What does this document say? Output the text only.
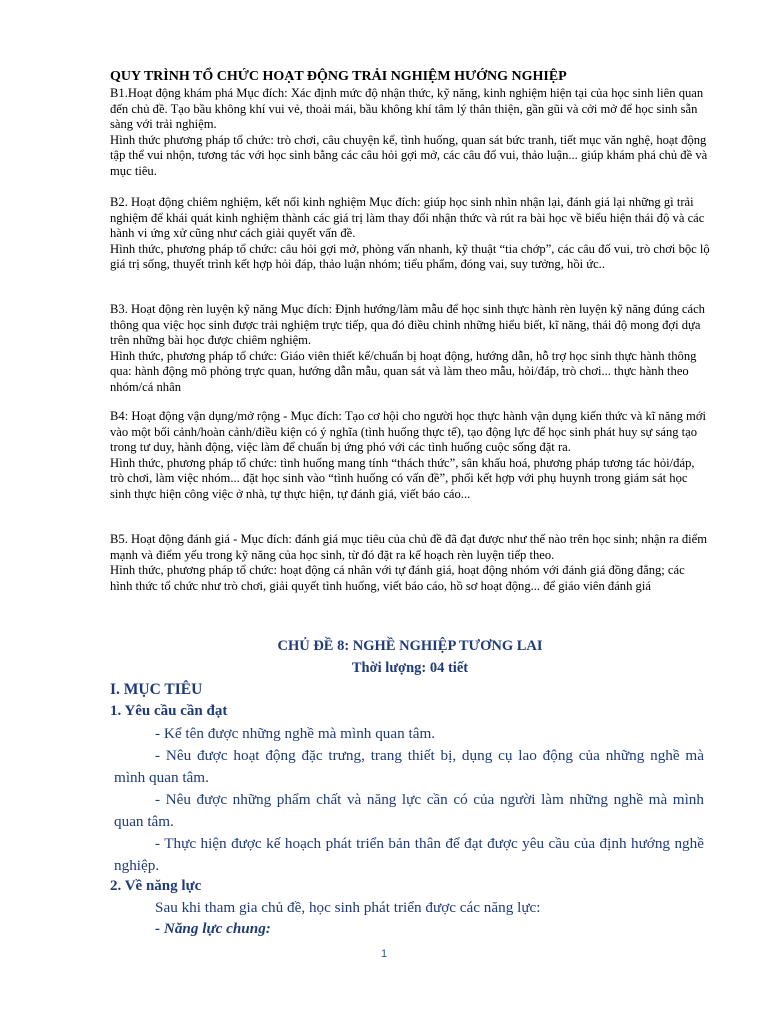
QUY TRÌNH TỔ CHỨC HOẠT ĐỘNG TRẢI NGHIỆM HƯỚNG NGHIỆP

B1.Hoạt động khám phá Mục đích: Xác định mức độ nhận thức, kỹ năng, kinh nghiệm hiện tại của học sinh liên quan đến chủ đề. Tạo bầu không khí vui vẻ, thoải mái, bầu không khí tâm lý thân thiện, gần gũi và cởi mở để học sinh sẵn sàng với trải nghiệm.

Hình thức phương pháp tổ chức: trò chơi, câu chuyện kể, tình huống, quan sát bức tranh, tiết mục văn nghệ, hoạt động tập thể vui nhộn, tương tác với học sinh bằng các câu hỏi gợi mở, các câu đố vui, thảo luận... giúp khám phá chủ đề và mục tiêu.

B2. Hoạt động chiêm nghiệm, kết nối kinh nghiệm Mục đích: giúp học sinh nhìn nhận lại, đánh giá lại những gì trải nghiệm để khái quát kinh nghiệm thành các giá trị làm thay đổi nhận thức và rút ra bài học về biểu hiện thái độ và các hành vi ứng xử cũng như cách giải quyết vấn đề.

Hình thức, phương pháp tổ chức: câu hỏi gợi mở, phỏng vấn nhanh, kỹ thuật “tia chớp”, các câu đố vui, trò chơi bộc lộ giá trị sống, thuyết trình kết hợp hỏi đáp, thảo luận nhóm; tiểu phẩm, đóng vai, suy tưởng, hồi ức..

B3. Hoạt động rèn luyện kỹ năng Mục đích: Định hướng/làm mẫu để học sinh thực hành rèn luyện kỹ năng đúng cách thông qua việc học sinh được trải nghiệm trực tiếp, qua đó điều chỉnh những hiểu biết, kĩ năng, thái độ mong đợi dựa trên những bài học được chiêm nghiệm.

Hình thức, phương pháp tổ chức: Giáo viên thiết kế/chuẩn bị hoạt động, hướng dẫn, hỗ trợ học sinh thực hành thông qua: hành động mô phỏng trực quan, hướng dẫn mẫu, quan sát và làm theo mẫu, hỏi/đáp, trò chơi... thực hành theo nhóm/cá nhân

B4: Hoạt động vận dụng/mở rộng - Mục đích: Tạo cơ hội cho người học thực hành vận dụng kiến thức và kĩ năng mới vào một bối cảnh/hoàn cảnh/điều kiện có ý nghĩa (tình huống thực tế), tạo động lực để học sinh phát huy sự sáng tạo trong tư duy, hành động, việc làm để chuẩn bị ứng phó với các tình huống cuộc sống đặt ra.

Hình thức, phương pháp tổ chức: tình huống mang tính “thách thức”, sân khấu hoá, phương pháp tương tác hỏi/đáp, trò chơi, làm việc nhóm... đặt học sinh vào “tình huống có vấn đề”, phối kết hợp với phụ huynh trong giám sát học sinh thực hiện công việc ở nhà, tự thực hiện, tự đánh giá, viết báo cáo...

B5. Hoạt động đánh giá - Mục đích: đánh giá mục tiêu của chủ đề đã đạt được như thế nào trên học sinh; nhận ra điểm mạnh và điểm yếu trong kỹ năng của học sinh, từ đó đặt ra kế hoạch rèn luyện tiếp theo.

Hình thức, phương pháp tổ chức: hoạt động cá nhân với tự đánh giá, hoạt động nhóm với đánh giá đồng đẳng; các hình thức tổ chức như trò chơi, giải quyết tình huống, viết báo cáo, hồ sơ hoạt động... để giáo viên đánh giá

CHỦ ĐỀ 8: NGHỀ NGHIỆP TƯƠNG LAI
Thời lượng: 04 tiết
I. MỤC TIÊU
1. Yêu cầu cần đạt
- Kể tên được những nghề mà mình quan tâm.
- Nêu được hoạt động đặc trưng, trang thiết bị, dụng cụ lao động của những nghề mà mình quan tâm.
- Nêu được những phẩm chất và năng lực cần có của người làm những nghề mà mình quan tâm.
- Thực hiện được kế hoạch phát triển bản thân để đạt được yêu cầu của định hướng nghề nghiệp.
2. Về năng lực
Sau khi tham gia chủ đề, học sinh phát triển được các năng lực:
- Năng lực chung:
1
